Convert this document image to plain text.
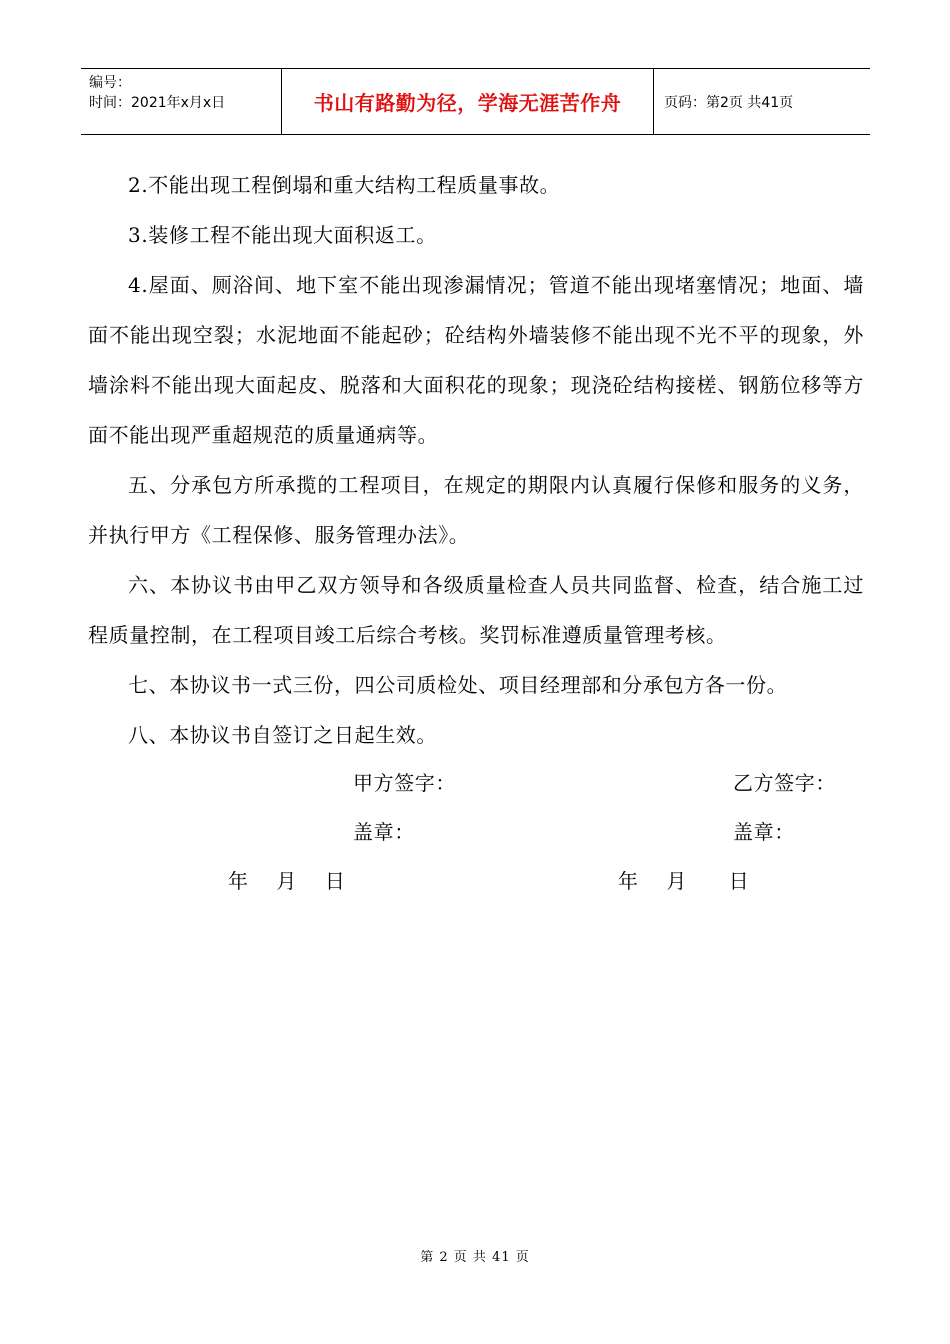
编号：
时间：2021年x月x日	书山有路勤为径，学海无涯苦作舟	页码：第2页 共41页

2.不能出现工程倒塌和重大结构工程质量事故。

3.装修工程不能出现大面积返工。

4.屋面、厕浴间、地下室不能出现渗漏情况；管道不能出现堵塞情况；地面、墙面不能出现空裂；水泥地面不能起砂；砼结构外墙装修不能出现不光不平的现象，外墙涂料不能出现大面起皮、脱落和大面积花的现象；现浇砼结构接槎、钢筋位移等方面不能出现严重超规范的质量通病等。

五、分承包方所承揽的工程项目，在规定的期限内认真履行保修和服务的义务，并执行甲方《工程保修、服务管理办法》。

六、本协议书由甲乙双方领导和各级质量检查人员共同监督、检查，结合施工过程质量控制，在工程项目竣工后综合考核。奖罚标准遵质量管理考核。

七、本协议书一式三份，四公司质检处、项目经理部和分承包方各一份。

八、本协议书自签订之日起生效。

甲方签字：	乙方签字：
盖章：	盖章：
年    月    日	年    月      日
第 2 页 共 41 页
